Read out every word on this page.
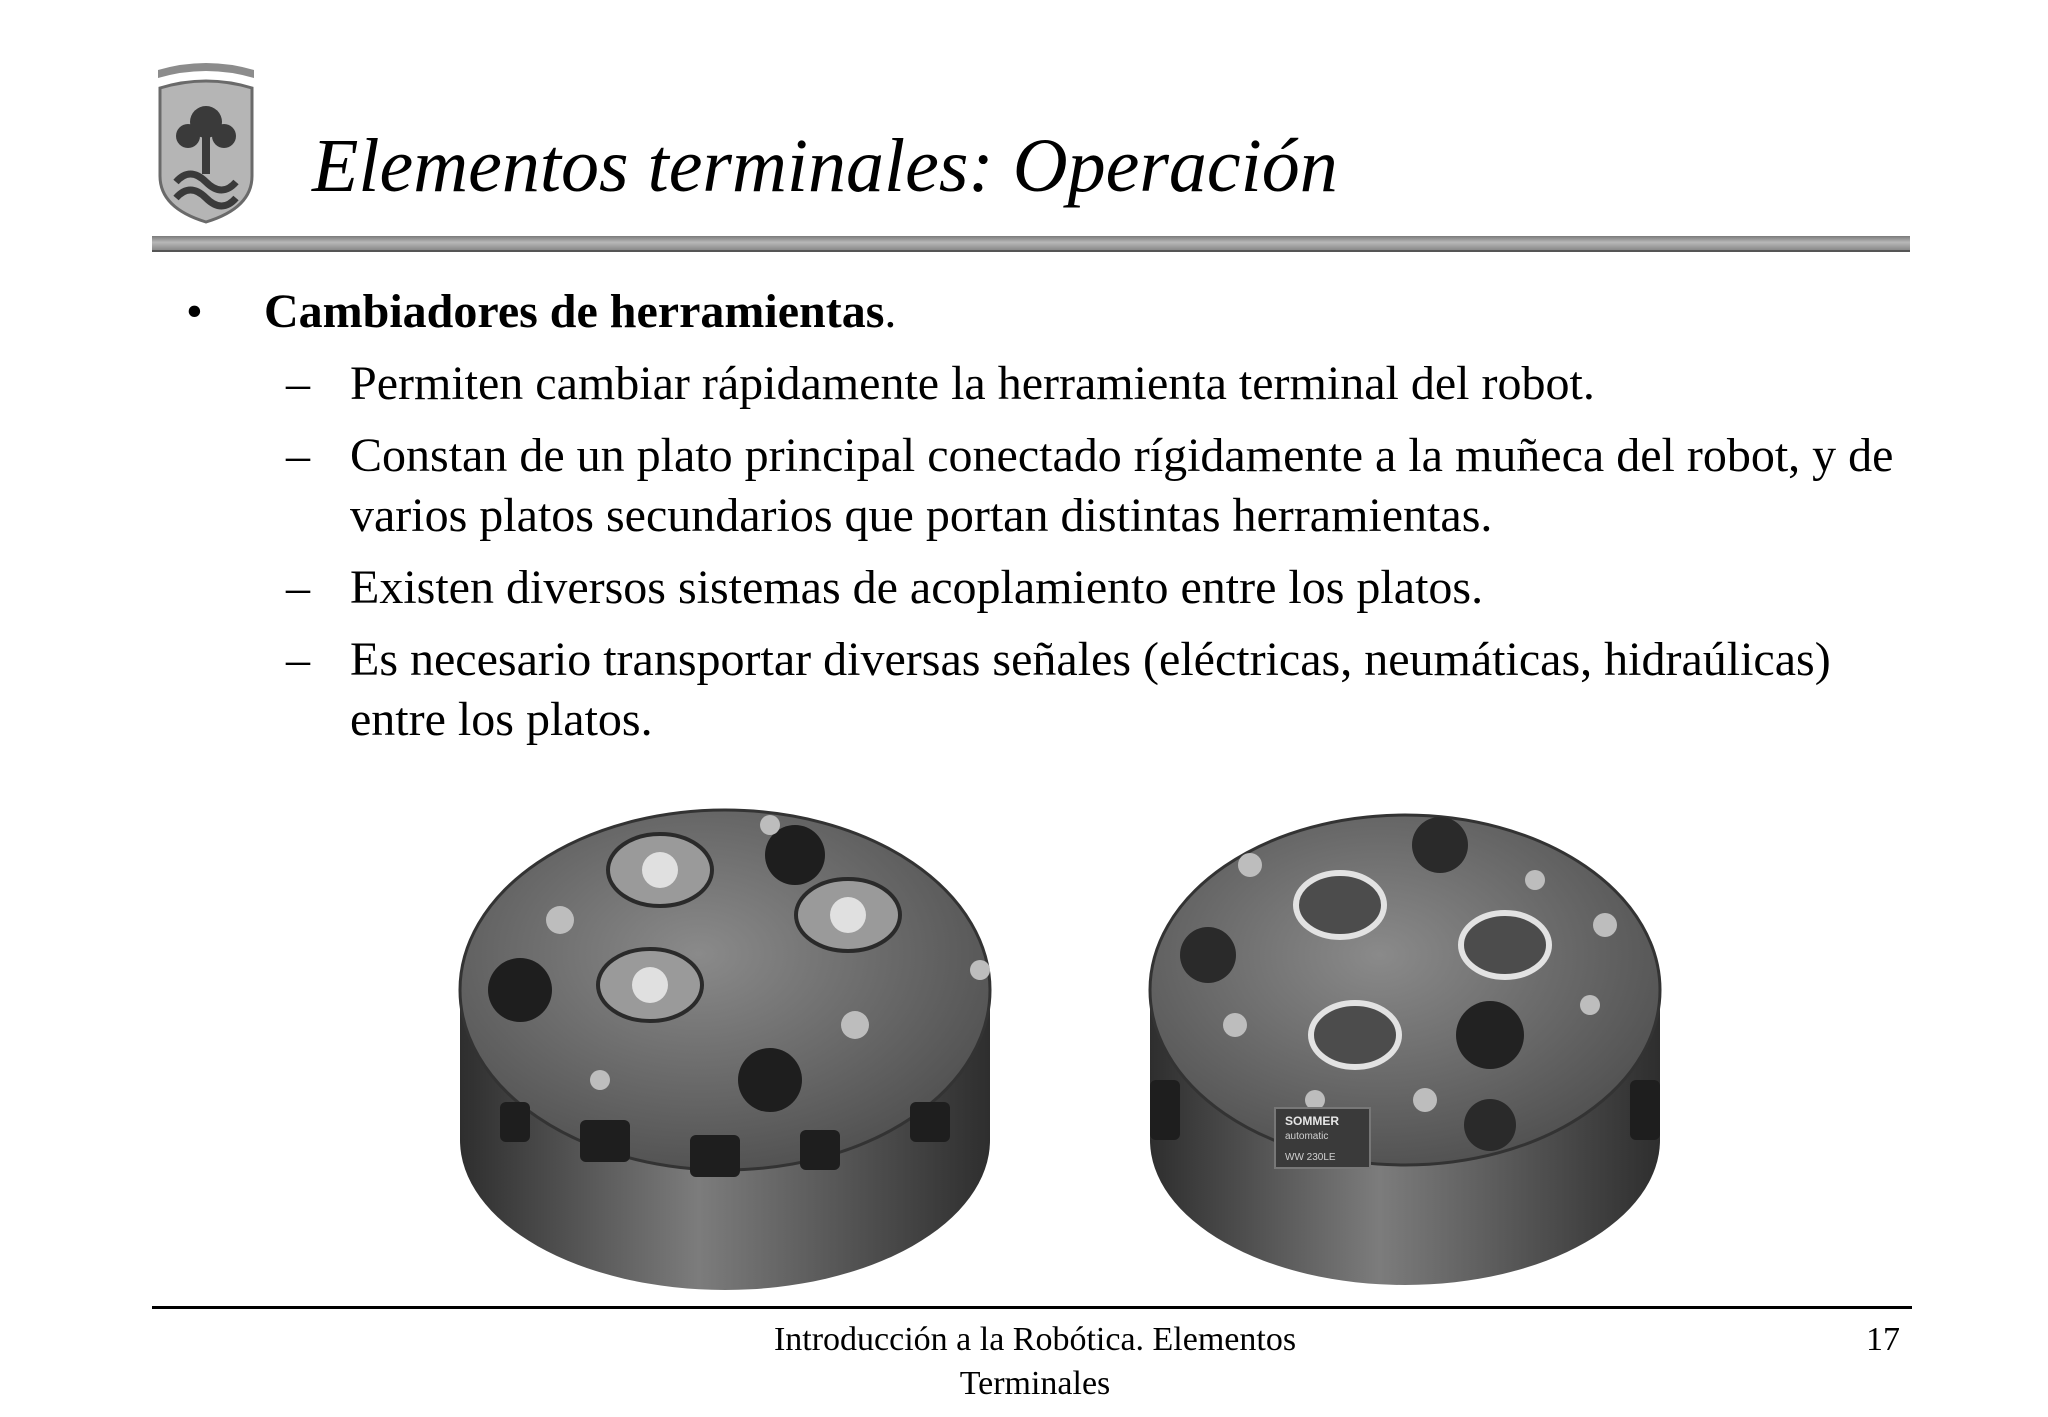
Elementos terminales: Operación
• Cambiadores de herramientas.
– Permiten cambiar rápidamente la herramienta terminal del robot.
– Constan de un plato principal conectado rígidamente a la muñeca del robot, y de varios platos secundarios que portan distintas herramientas.
– Existen diversos sistemas de acoplamiento entre los platos.
– Es necesario transportar diversas señales (eléctricas, neumáticas, hidraúlicas) entre los platos.
SOMMER
automatic
WW 230LE
Introducción a la Robótica. Elementos Terminales
17
